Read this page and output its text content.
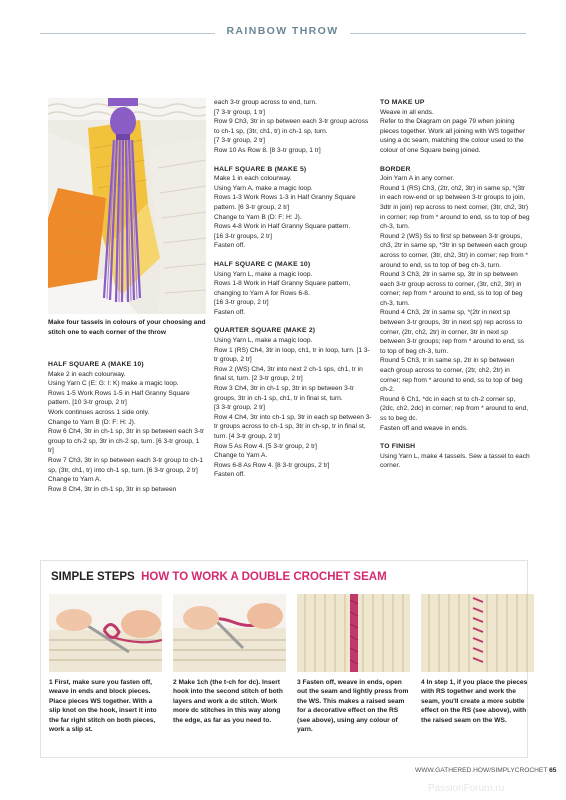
RAINBOW THROW
Make four tassels in colours of your choosing and stitch one to each corner of the throw
HALF SQUARE A (MAKE 10)

Make 2 in each colourway.

Using Yarn C (E: G: I: K) make a magic loop.

Rows 1-5 Work Rows 1-5 in Half Granny Square pattern. [10 3-tr group, 2 tr]

Work continues across 1 side only.

Change to Yarn B (D: F: H: J).

Row 6 Ch4, 3tr in ch-1 sp, 3tr in sp between each 3-tr group to ch-2 sp, 3tr in ch-2 sp, turn. [6 3-tr group, 1 tr]

Row 7 Ch3, 3tr in sp between each 3-tr group to ch-1 sp, (3tr, ch1, tr) into ch-1 sp, turn. [6 3-tr group, 2 tr]

Change to Yarn A.

Row 8 Ch4, 3tr in ch-1 sp, 3tr in sp between

each 3-tr group across to end, turn.

[7 3-tr group, 1 tr]

Row 9 Ch3, 3tr in sp between each 3-tr group across to ch-1 sp, (3tr, ch1, tr) in ch-1 sp, turn.

[7 3-tr group, 2 tr]

Row 10 As Row 8. [8 3-tr group, 1 tr]

HALF SQUARE B (MAKE 5)

Make 1 in each colourway.

Using Yarn A, make a magic loop.

Rows 1-3 Work Rows 1-3 in Half Granny Square pattern. [6 3-tr group, 2 tr]

Change to Yarn B (D: F: H: J).

Rows 4-8 Work in Half Granny Square pattern.

[16 3-tr groups, 2 tr]

Fasten off.

HALF SQUARE C (MAKE 10)

Using Yarn L, make a magic loop.

Rows 1-8 Work in Half Granny Square pattern, changing to Yarn A for Rows 6-8.

[16 3-tr group, 2 tr]

Fasten off.

QUARTER SQUARE (MAKE 2)

Using Yarn L, make a magic loop.

Row 1 (RS) Ch4, 3tr in loop, ch1, tr in loop, turn. [1 3-tr group, 2 tr]

Row 2 (WS) Ch4, 3tr into next 2 ch-1 sps, ch1, tr in final st, turn. [2 3-tr group, 2 tr]

Row 3 Ch4, 3tr in ch-1 sp, 3tr in sp between 3-tr groups, 3tr in ch-1 sp, ch1, tr in final st, turn.

[3 3-tr group, 2 tr]

Row 4 Ch4, 3tr into ch-1 sp, 3tr in each sp between 3-tr groups across to ch-1 sp, 3tr in ch-sp, tr in final st, turn. [4 3-tr group, 2 tr]

Row 5 As Row 4. [5 3-tr group, 2 tr]

Change to Yarn A.

Rows 6-8 As Row 4. [8 3-tr groups, 2 tr]

Fasten off.

TO MAKE UP

Weave in all ends.

Refer to the Diagram on page 79 when joining pieces together. Work all joining with WS together using a dc seam, matching the colour used to the colour of one Square being joined.

BORDER

Join Yarn A in any corner.

Round 1 (RS) Ch3, (2tr, ch2, 3tr) in same sp, *(3tr in each row-end or sp between 3-tr groups to join, 3dtr in join) rep across to next corner, (3tr, ch2, 3tr) in corner; rep from * around to end, ss to top of beg ch-3, turn.

Round 2 (WS) Ss to first sp between 3-tr groups, ch3, 2tr in same sp, *3tr in sp between each group across to corner, (3tr, ch2, 3tr) in corner; rep from * around to end, ss to top of beg ch-3, turn.

Round 3 Ch3, 2tr in same sp, 3tr in sp between each 3-tr group across to corner, (3tr, ch2, 3tr) in corner; rep from * around to end, ss to top of beg ch-3, turn.

Round 4 Ch3, 2tr in same sp, *(2tr in next sp between 3-tr groups, 3tr in next sp) rep across to corner, (2tr, ch2, 2tr) in corner, 3tr in next sp between 3-tr groups; rep from * around to end, ss to top of beg ch-3, turn.

Round 5 Ch3, tr in same sp, 2tr in sp between each group across to corner, (2tr, ch2, 2tr) in corner; rep from * around to end, ss to top of beg ch-2.

Round 6 Ch1, *dc in each st to ch-2 corner sp, (2dc, ch2, 2dc) in corner; rep from * around to end, ss to beg dc.

Fasten off and weave in ends.

TO FINISH

Using Yarn L, make 4 tassels. Sew a tassel to each corner.

SIMPLE STEPS HOW TO WORK A DOUBLE CROCHET SEAM
1 First, make sure you fasten off, weave in ends and block pieces. Place pieces WS together. With a slip knot on the hook, insert it into the far right stitch on both pieces, work a slip st.
2 Make 1ch (the t-ch for dc). Insert hook into the second stitch of both layers and work a dc stitch. Work more dc stitches in this way along the edge, as far as you need to.
3 Fasten off, weave in ends, open out the seam and lightly press from the WS. This makes a raised seam for a decorative effect on the RS (see above), using any colour of yarn.
4 In step 1, if you place the pieces with RS together and work the seam, you'll create a more subtle effect on the RS (see above), with the raised seam on the WS.
WWW.GATHERED.HOW/SIMPLYCROCHET 65
PassionForum.ru
